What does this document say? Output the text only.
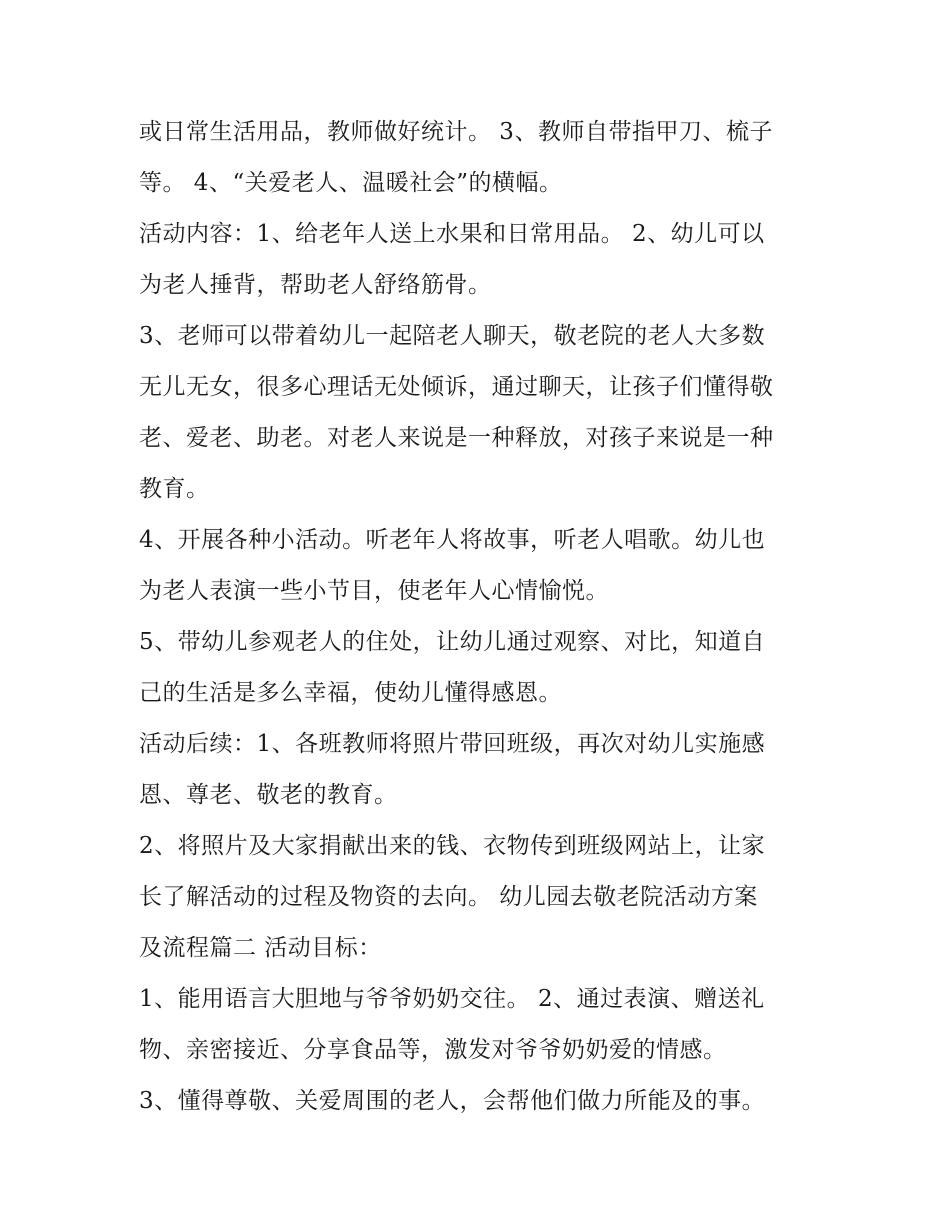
或日常生活用品，教师做好统计。 3、教师自带指甲刀、梳子
等。 4、“关爱老人、温暖社会”的横幅。
活动内容：1、给老年人送上水果和日常用品。 2、幼儿可以
为老人捶背，帮助老人舒络筋骨。
3、老师可以带着幼儿一起陪老人聊天，敬老院的老人大多数
无儿无女，很多心理话无处倾诉，通过聊天，让孩子们懂得敬
老、爱老、助老。对老人来说是一种释放，对孩子来说是一种
教育。
4、开展各种小活动。听老年人将故事，听老人唱歌。幼儿也
为老人表演一些小节目，使老年人心情愉悦。
5、带幼儿参观老人的住处，让幼儿通过观察、对比，知道自
己的生活是多么幸福，使幼儿懂得感恩。
活动后续：1、各班教师将照片带回班级，再次对幼儿实施感
恩、尊老、敬老的教育。
2、将照片及大家捐献出来的钱、衣物传到班级网站上，让家
长了解活动的过程及物资的去向。 幼儿园去敬老院活动方案
及流程篇二 活动目标：
1、能用语言大胆地与爷爷奶奶交往。 2、通过表演、赠送礼
物、亲密接近、分享食品等，激发对爷爷奶奶爱的情感。
3、懂得尊敬、关爱周围的老人，会帮他们做力所能及的事。
